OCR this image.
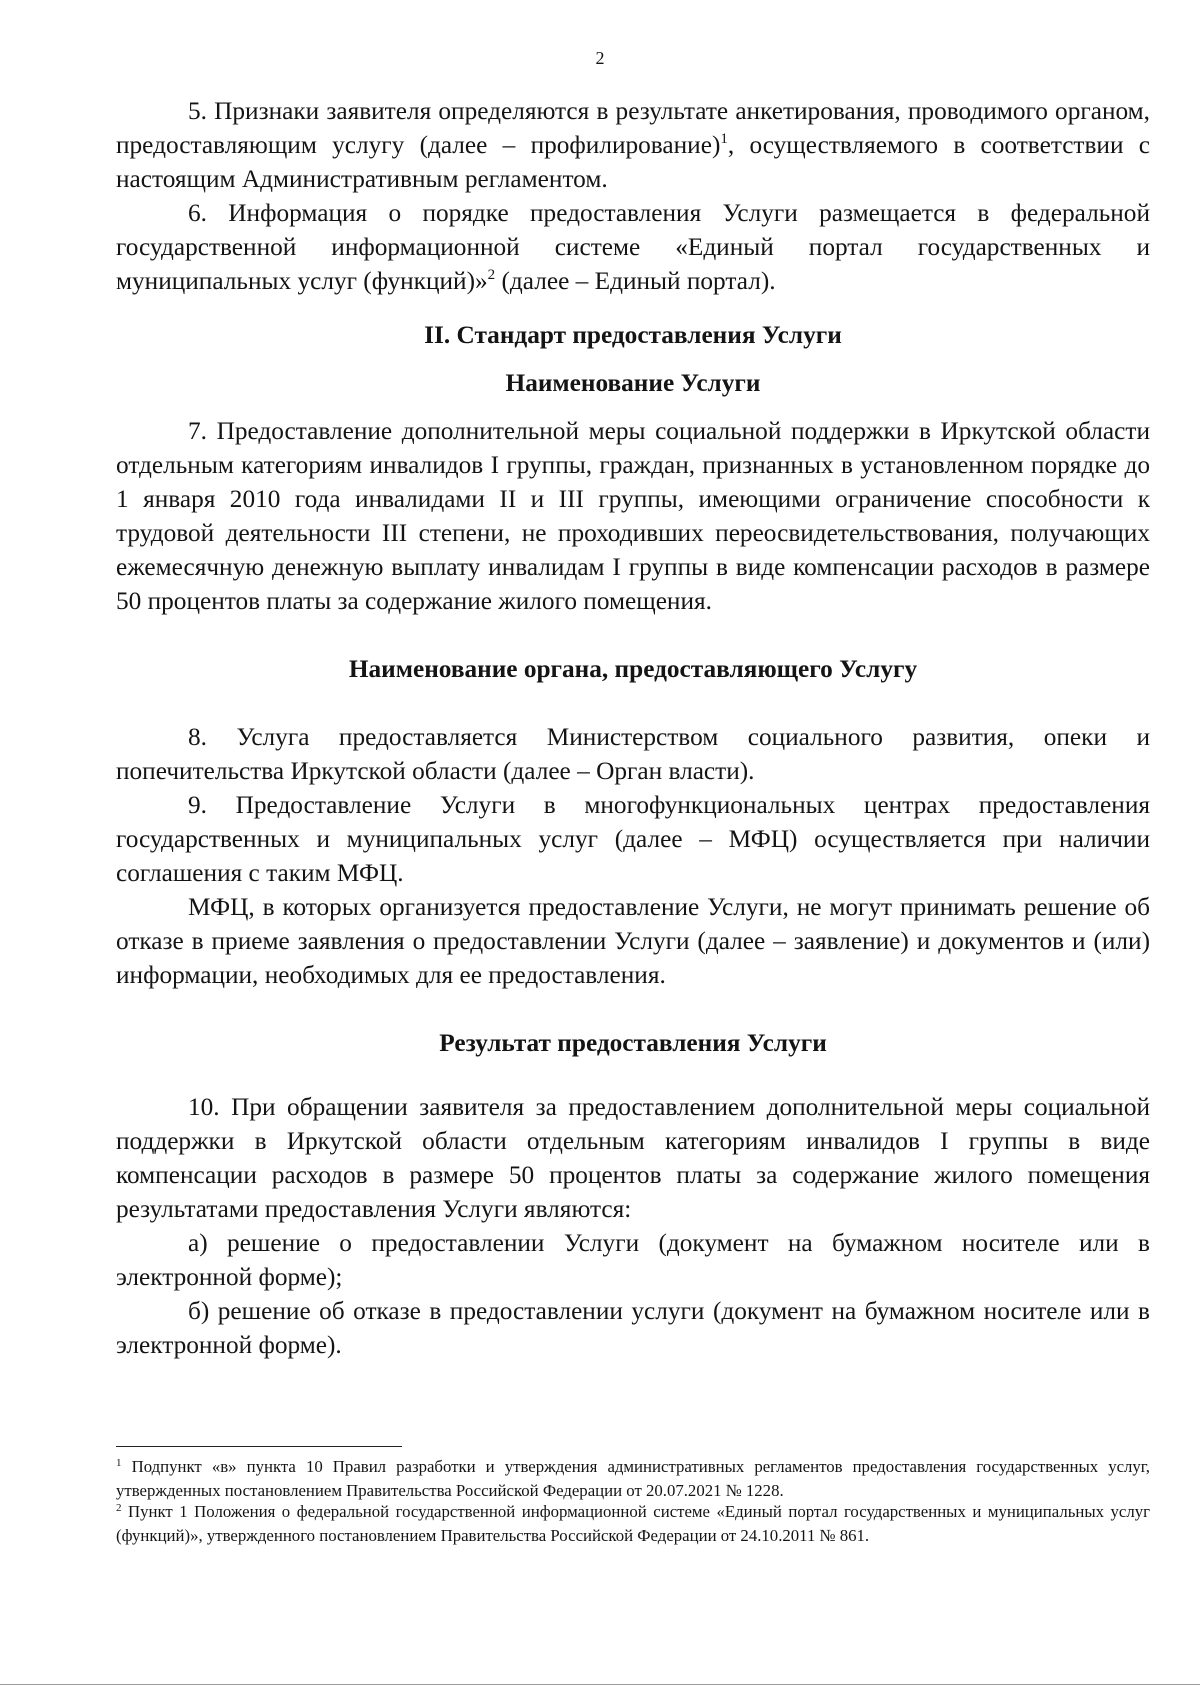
2

5. Признаки заявителя определяются в результате анкетирования, проводимого органом, предоставляющим услугу (далее – профилирование)$^1$, осуществляемого в соответствии с настоящим Административным регламентом.

6. Информация о порядке предоставления Услуги размещается в федеральной государственной информационной системе «Единый портал государственных и муниципальных услуг (функций)»$^2$ (далее – Единый портал).

II. Стандарт предоставления Услуги
Наименование Услуги

7. Предоставление дополнительной меры социальной поддержки в Иркутской области отдельным категориям инвалидов I группы, граждан, признанных в установленном порядке до 1 января 2010 года инвалидами II и III группы, имеющими ограничение способности к трудовой деятельности III степени, не проходивших переосвидетельствования, получающих ежемесячную денежную выплату инвалидам I группы в виде компенсации расходов в размере 50 процентов платы за содержание жилого помещения.

Наименование органа, предоставляющего Услугу

8. Услуга предоставляется Министерством социального развития, опеки и попечительства Иркутской области (далее – Орган власти).

9. Предоставление Услуги в многофункциональных центрах предоставления государственных и муниципальных услуг (далее – МФЦ) осуществляется при наличии соглашения с таким МФЦ.

МФЦ, в которых организуется предоставление Услуги, не могут принимать решение об отказе в приеме заявления о предоставлении Услуги (далее – заявление) и документов и (или) информации, необходимых для ее предоставления.

Результат предоставления Услуги

10. При обращении заявителя за предоставлением дополнительной меры социальной поддержки в Иркутской области отдельным категориям инвалидов I группы в виде компенсации расходов в размере 50 процентов платы за содержание жилого помещения результатами предоставления Услуги являются:

а) решение о предоставлении Услуги (документ на бумажном носителе или в электронной форме);

б) решение об отказе в предоставлении услуги (документ на бумажном носителе или в электронной форме).

$^1$ Подпункт «в» пункта 10 Правил разработки и утверждения административных регламентов предоставления государственных услуг, утвержденных постановлением Правительства Российской Федерации от 20.07.2021 № 1228.

$^2$ Пункт 1 Положения о федеральной государственной информационной системе «Единый портал государственных и муниципальных услуг (функций)», утвержденного постановлением Правительства Российской Федерации от 24.10.2011 № 861.
